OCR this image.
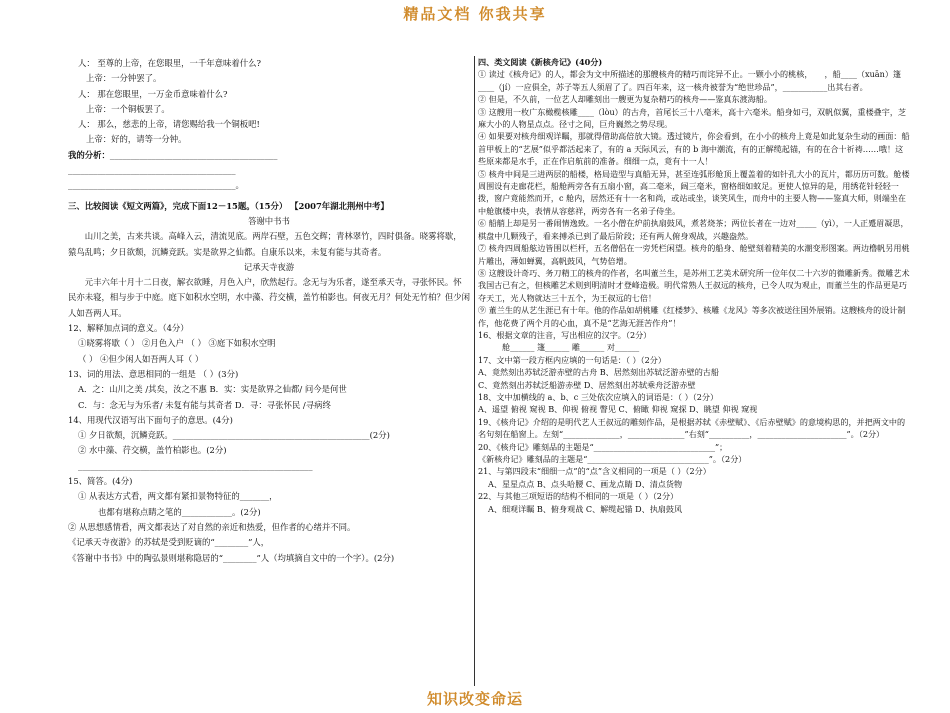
精品文档 你我共享
人： 至尊的上帝，在您眼里，一千年意味着什么?
上帝：一分钟罢了。
人： 那在您眼里，一万金币意味着什么?
上帝：一个铜板罢了。
人： 那么，慈悲的上帝，请您赐给我一个铜板吧!
上帝：好的，请等一分钟。
我的分析：________________________________________
________________________________________
________________________________________。
三、比较阅读《短文两篇》，完成下面12－15题。（15分） 【2007年湖北荆州中考】
答谢中书书
山川之美，古来共谈。高峰入云，清流见底。两岸石壁，五色交辉；青林翠竹，四时俱备。晓雾将歇，猿鸟乱鸣；夕日欲颓，沉鳞竞跃。实是欲界之仙都。自康乐以来，未复有能与其奇者。
记承天寺夜游
元丰六年十月十二日夜，解衣欲睡，月色入户，欣然起行。念无与为乐者，遂至承天寺，寻张怀民。怀民亦未寝，相与步于中庭。庭下如积水空明，水中藻、荇交横，盖竹柏影也。何夜无月？何处无竹柏？但少闲人如吾两人耳。
12、解释加点词的意义。（4分）
①晓雾将歇（ ） ②月色入户 （ ） ③庭下如积水空明
（ ） ④但少闲人如吾两人耳（ ）
13、词的用法、意思相同的一组是 （ ）(3分)
A．之：山川之美 /其矣，汝之不惠 B．实：实是欲界之仙都/ 问今是何世
C．与：念无与为乐者/ 未复有能与其奇者 D．寻：寻张怀民 /寻病终
14、用现代汉语写出下面句子的意思。(4分)
① 夕日欲颓，沉鳞竞跃。_______________________________________________(2分)
② 水中藻、荇交横，盖竹柏影也。(2分)
________________________________________________________
15、简答。(4分)
① 从表达方式看，两文都有紧扣景物特征的_______，
也都有堪称点睛之笔的____________。(2分)
② 从思想感情看，两文都表达了对自然的亲近和热爱，但作者的心绪并不同。
《记承天寺夜游》的苏轼是受到贬谪的“________”人，
《答谢中书书》中的陶弘景则堪称隐居的“________”人（均填摘自文中的一个字）。(2分)
四、类文阅读《新核舟记》(40分)
① 读过《核舟记》的人，都会为文中所描述的那艘核舟的精巧而诧异不止。一颗小小的桃核，　　，船____（xuān）篷____（jí）一应俱全，苏子等五人须眉了了。四百年来，这一核舟被誉为“绝世珍品”，___________出其右者。
② 但是，不久前，一位艺人却雕刻出一艘更为复杂精巧的核舟——鉴真东渡海船。
③ 这艘用一枚广东橄榄核雕____（lòu）的古舟，首尾长三十八毫米，高十六毫米。船身如弓，双帆似翼，重楼叠宇，芝麻大小的人物星点点。径寸之间，巨舟巍然之势尽现。
④ 如果要对核舟细观详瞩，那就得借助高倍放大镜。透过镜片，你会看到，在小小的核舟上竟是如此复杂生动的画面：船首甲板上的“艺展”似乎都活起来了，有的 a 天际风云，有的 b 海中潮流，有的正解缆起锚，有的在合十祈祷……哦！这些原来都是水手，正在作启航前的准备。细细一点，竟有十一人！
⑤ 核舟中间是三进两层的船楼，格局造型与真船无异，甚至连弧形舱顶上覆盖着的如针孔大小的瓦片，都历历可数。舱楼周围设有走廊花栏，船舱两旁各有五扇小窗，高二毫米，阔三毫米，窗格细如蚊足。更使人惊异的是，用绣花针轻轻一拨，窗户竟能然而开，c 舱内，居然还有十一名和尚，或站或坐，谈笑风生，而舟中的主要人物——鉴真大师，则端坐在中舱旗楼中央，表情从容慈祥，两旁各有一名弟子侍坐。
⑥ 船艄上却是另一番闹情逸致。一名小僧在炉前执扇鼓风，煮茗烧茶；两位长者在一边对_____（yì），一人正蹙眉凝思，棋盘中几颗残子，看来搏杀已到了最后阶段；还有两人俯身观战，兴趣盎然。
⑦ 核舟四周船舷边皆围以栏杆，五名僧侣在一旁凭栏闲望。核舟的船身、舱壁刻着精美的水潮变形图案。两边橹帆另用桃片雕出，薄如蝉翼，高帆鼓风，气势倍增。
⑧ 这艘设计奇巧、务刀精工的核舟的作者，名叫董兰生，是苏州工艺美术研究所一位年仅二十六岁的微雕新秀。微雕艺术我国古已有之，但核雕艺术则到明清时才登峰造极。明代常熟人王叔远的核舟，已令人叹为观止，而董兰生的作品更是巧夺天工，光人物就达三十五个，为王叔远的七倍！
⑨ 董兰生的从艺生涯已有十年。他的作品如胡桃雕《红楼梦》、核雕《龙风》等多次被送往国外展销。这艘核舟的设计制作，他花费了两个月的心血，真不是“艺海无涯苦作舟”！
16、根据文章的注音，写出相应的汉字。（2分）
舱______ 篷______ 雕______ 对______
17、文中第一段方框内应填的一句话是：（ ）（2分）
A、竟然刻出苏轼泛游赤壁的古舟 B、居然刻出苏轼泛游赤壁的古船
C、竟然刻出苏轼泛船游赤壁 D、居然刻出苏轼乘舟泛游赤壁
18、文中加横线的 a、b、c 三处依次应填入的词语是：（ ）（2分）
A、遥望 俯视 窥视 B、仰视 俯视 瞥见 C、俯瞰 仰视 窥探 D、眺望 仰视 窥视
19、《核舟记》介绍的是明代艺人王叔远的雕刻作品，是根据苏轼《赤壁赋》、《后赤壁赋》的意境构思的，并把两文中的名句刻在船窗上。左刻“______________，______________”右刻“__________，______________________”。（2分）
20、《核舟记》雕刻品的主题是“______________________________”；
《新核舟记》雕刻品的主题是“______________________________”。（2分）
21、与第四段末“细细一点”的“点”含义相同的一项是（ ）（2分）
A、星星点点 B、点头哈腰 C、画龙点睛 D、清点货物
22、与其他三项短语的结构不相同的一项是（ ）（2分）
A、细观详瞩 B、俯身观战 C、解缆起锚 D、执扇鼓风
知识改变命运
